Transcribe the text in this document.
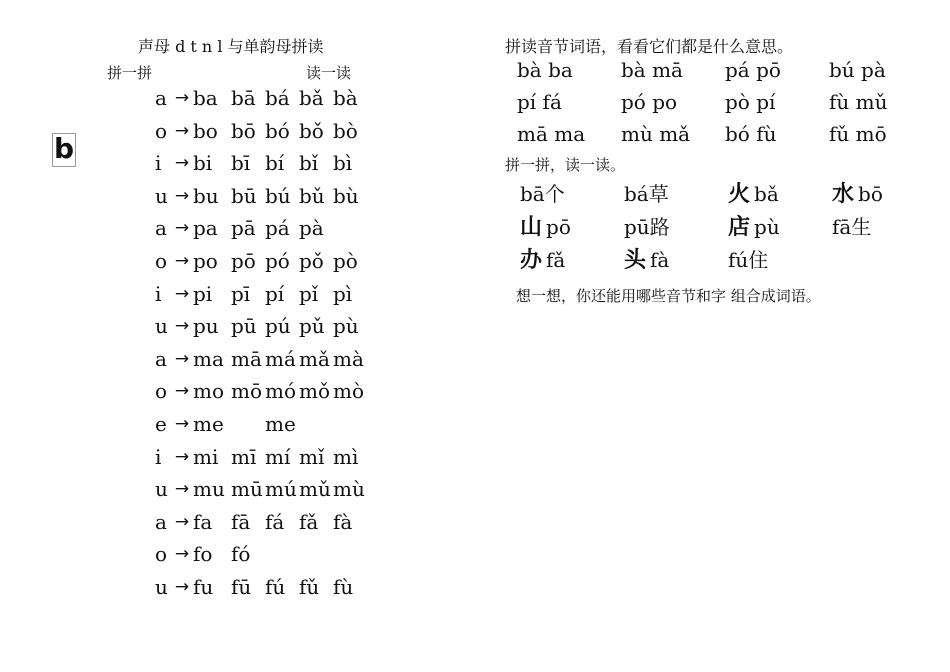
声母 d t n l 与单韵母拼读
拼一拼	读一读
b
a → ba bā bá bǎ bà
o → bo bō bó bǒ bò
i → bi bī bí bǐ bì
u → bu bū bú bǔ bù
a → pa pā pá pà
o → po pō pó pǒ pò
i → pi pī pí pǐ pì
u → pu pū pú pǔ pù
a → ma mā má mǎ mà
o → mo mō mó mǒ mò
e → me	me
i → mi mī mí mǐ mì
u → mu mū mú mǔ mù
a → fa fā fá fǎ fà
o → fo fó
u → fu fū fú fǔ fù
拼读音节词语，看看它们都是什么意思。
bà ba	bà mā	pá pō	bú pà
pí fá	pó po	pò pí	fù mǔ
mā ma	mù mǎ	bó fù	fǔ mō
拼一拼，读一读。
bā个	bá草	火 bǎ	水 bō
山 pō	pū路	店 pù	fā生
办 fǎ	头 fà	fú住
想一想，你还能用哪些音节和字 组合成词语。
